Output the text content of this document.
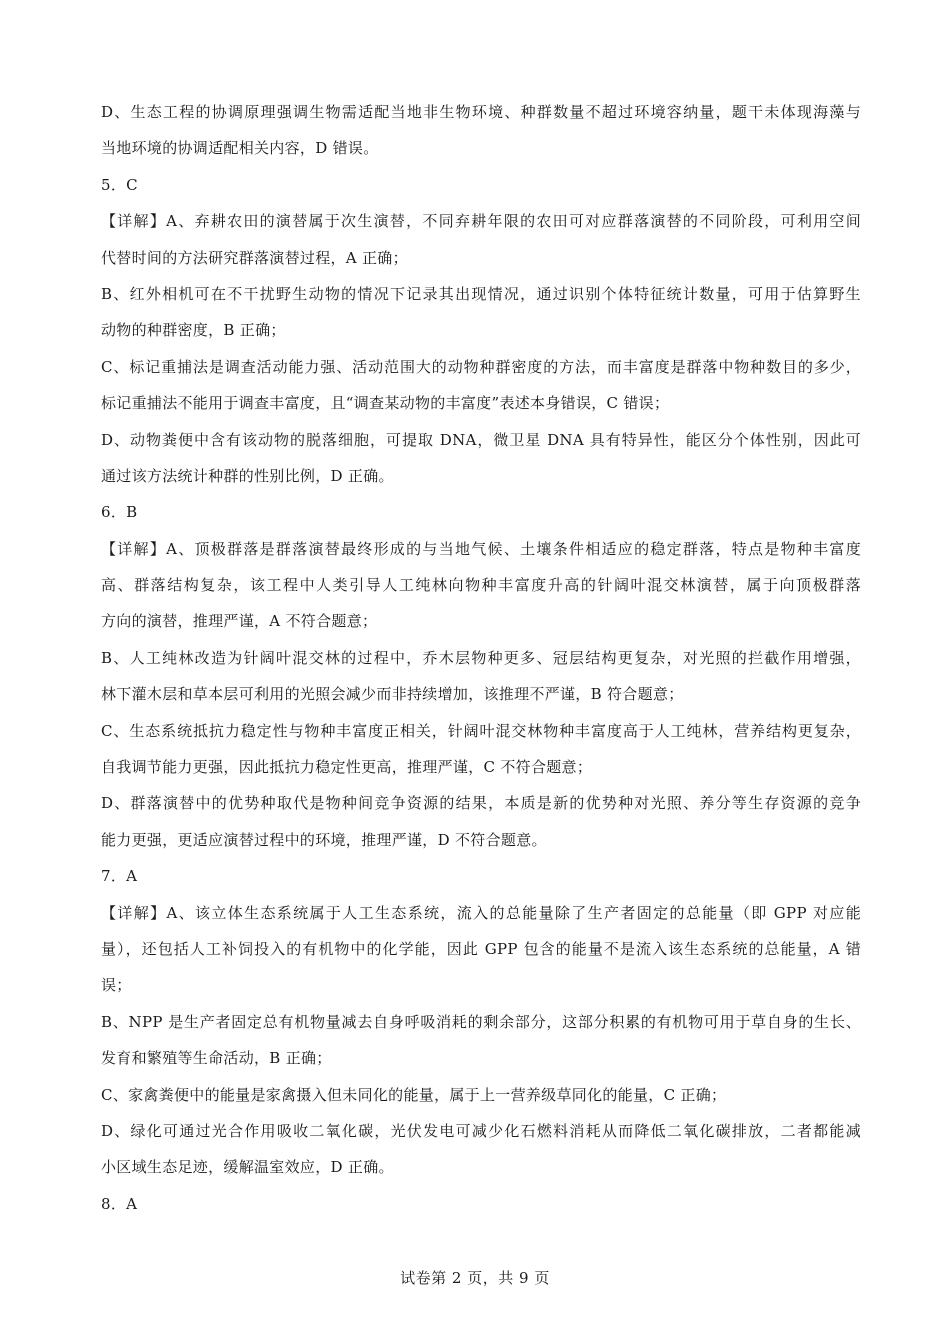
D、生态工程的协调原理强调生物需适配当地非生物环境、种群数量不超过环境容纳量，题干未体现海藻与
当地环境的协调适配相关内容，D 错误。
5．C
【详解】A、弃耕农田的演替属于次生演替，不同弃耕年限的农田可对应群落演替的不同阶段，可利用空间
代替时间的方法研究群落演替过程，A 正确；
B、红外相机可在不干扰野生动物的情况下记录其出现情况，通过识别个体特征统计数量，可用于估算野生
动物的种群密度，B 正确；
C、标记重捕法是调查活动能力强、活动范围大的动物种群密度的方法，而丰富度是群落中物种数目的多少，
标记重捕法不能用于调查丰富度，且“调查某动物的丰富度”表述本身错误，C 错误；
D、动物粪便中含有该动物的脱落细胞，可提取 DNA，微卫星 DNA 具有特异性，能区分个体性别，因此可
通过该方法统计种群的性别比例，D 正确。
6．B
【详解】A、顶极群落是群落演替最终形成的与当地气候、土壤条件相适应的稳定群落，特点是物种丰富度
高、群落结构复杂，该工程中人类引导人工纯林向物种丰富度升高的针阔叶混交林演替，属于向顶极群落
方向的演替，推理严谨，A 不符合题意；
B、人工纯林改造为针阔叶混交林的过程中，乔木层物种更多、冠层结构更复杂，对光照的拦截作用增强，
林下灌木层和草本层可利用的光照会减少而非持续增加，该推理不严谨，B 符合题意；
C、生态系统抵抗力稳定性与物种丰富度正相关，针阔叶混交林物种丰富度高于人工纯林，营养结构更复杂，
自我调节能力更强，因此抵抗力稳定性更高，推理严谨，C 不符合题意；
D、群落演替中的优势种取代是物种间竞争资源的结果，本质是新的优势种对光照、养分等生存资源的竞争
能力更强，更适应演替过程中的环境，推理严谨，D 不符合题意。
7．A
【详解】A、该立体生态系统属于人工生态系统，流入的总能量除了生产者固定的总能量（即 GPP 对应能
量），还包括人工补饲投入的有机物中的化学能，因此 GPP 包含的能量不是流入该生态系统的总能量，A 错
误；
B、NPP 是生产者固定总有机物量减去自身呼吸消耗的剩余部分，这部分积累的有机物可用于草自身的生长、
发育和繁殖等生命活动，B 正确；
C、家禽粪便中的能量是家禽摄入但未同化的能量，属于上一营养级草同化的能量，C 正确；
D、绿化可通过光合作用吸收二氧化碳，光伏发电可减少化石燃料消耗从而降低二氧化碳排放，二者都能减
小区域生态足迹，缓解温室效应，D 正确。
8．A
试卷第 2 页，共 9 页
